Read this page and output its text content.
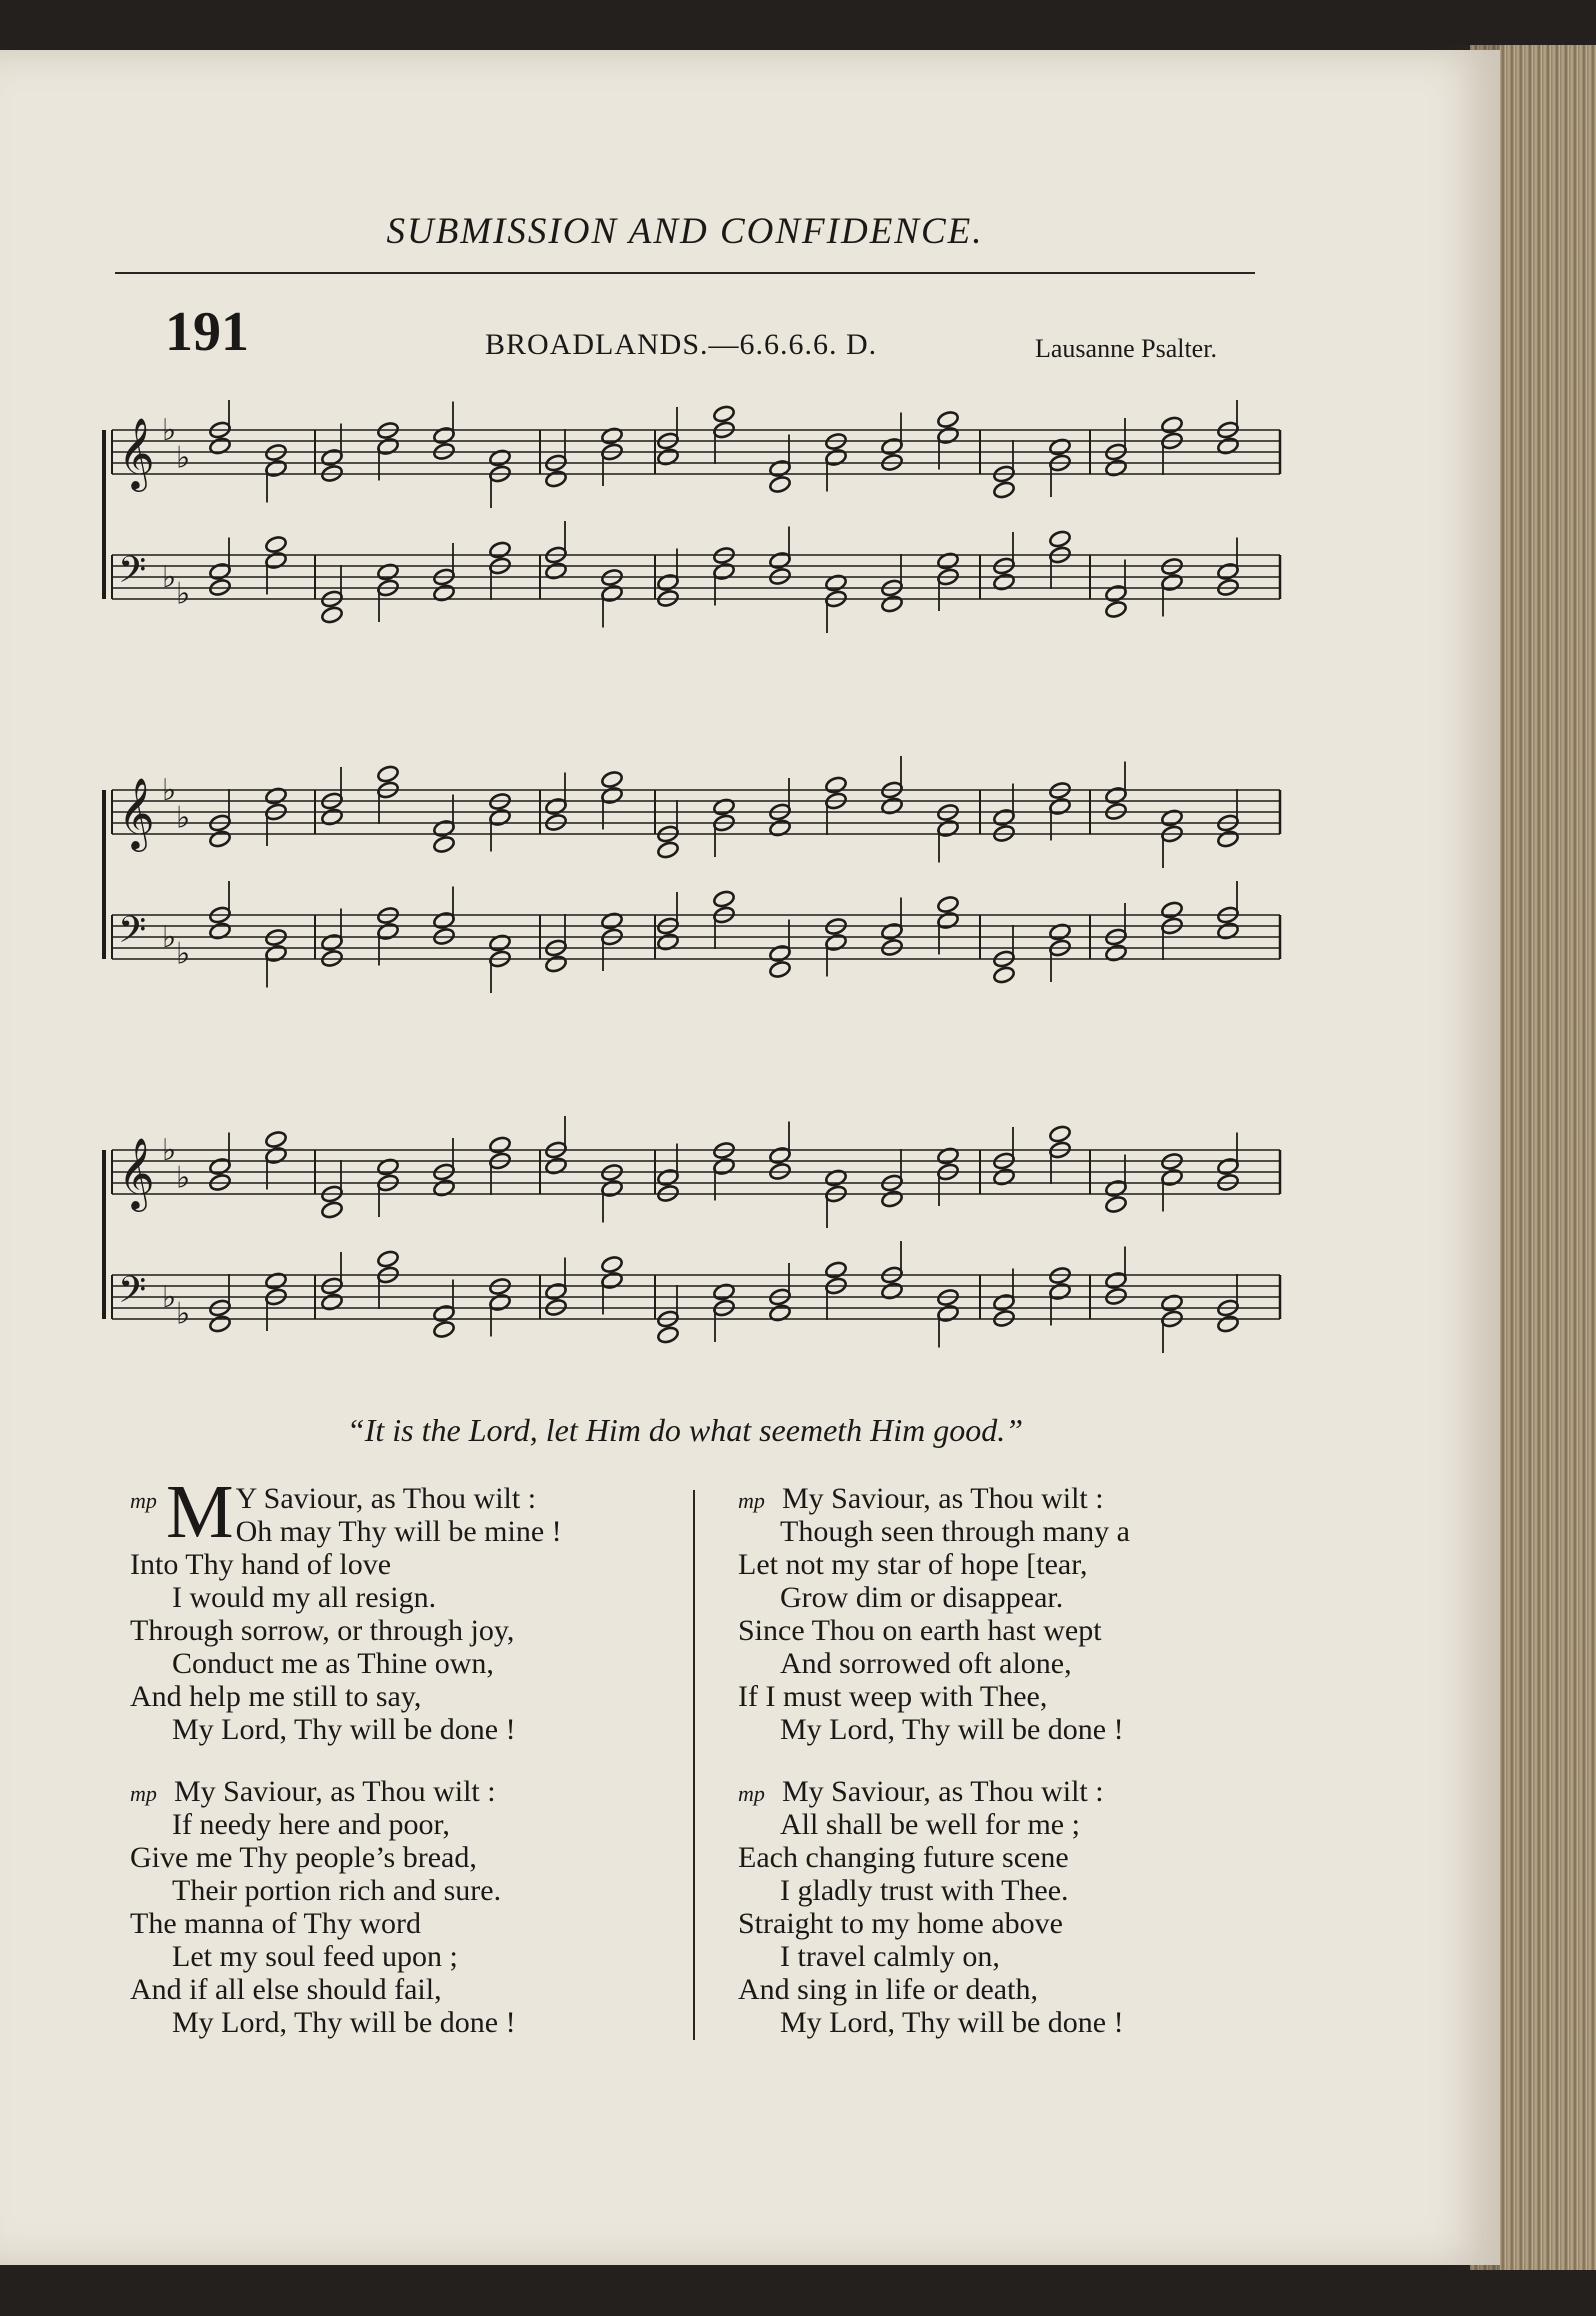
SUBMISSION AND CONFIDENCE.
191	BROADLANDS.—6.6.6.6. D.	Lausanne Psalter.
𝄞 ♭
♭
𝄢 ♭ ♭
𝄞 ♭
♭
𝄢 ♭ ♭
𝄞 ♭
♭
𝄢 ♭ ♭
“It is the Lord, let Him do what seemeth Him good.”
mp M Y Saviour, as Thou wilt :
Oh may Thy will be mine !
Into Thy hand of love
I would my all resign.
Through sorrow, or through joy,
Conduct me as Thine own,
And help me still to say,
My Lord, Thy will be done !
mp My Saviour, as Thou wilt :
If needy here and poor,
Give me Thy people’s bread,
Their portion rich and sure.
The manna of Thy word
Let my soul feed upon ;
And if all else should fail,
My Lord, Thy will be done !
mp My Saviour, as Thou wilt :
Though seen through many a
Let not my star of hope [tear,
Grow dim or disappear.
Since Thou on earth hast wept
And sorrowed oft alone,
If I must weep with Thee,
My Lord, Thy will be done !
mp My Saviour, as Thou wilt :
All shall be well for me ;
Each changing future scene
I gladly trust with Thee.
Straight to my home above
I travel calmly on,
And sing in life or death,
My Lord, Thy will be done !
